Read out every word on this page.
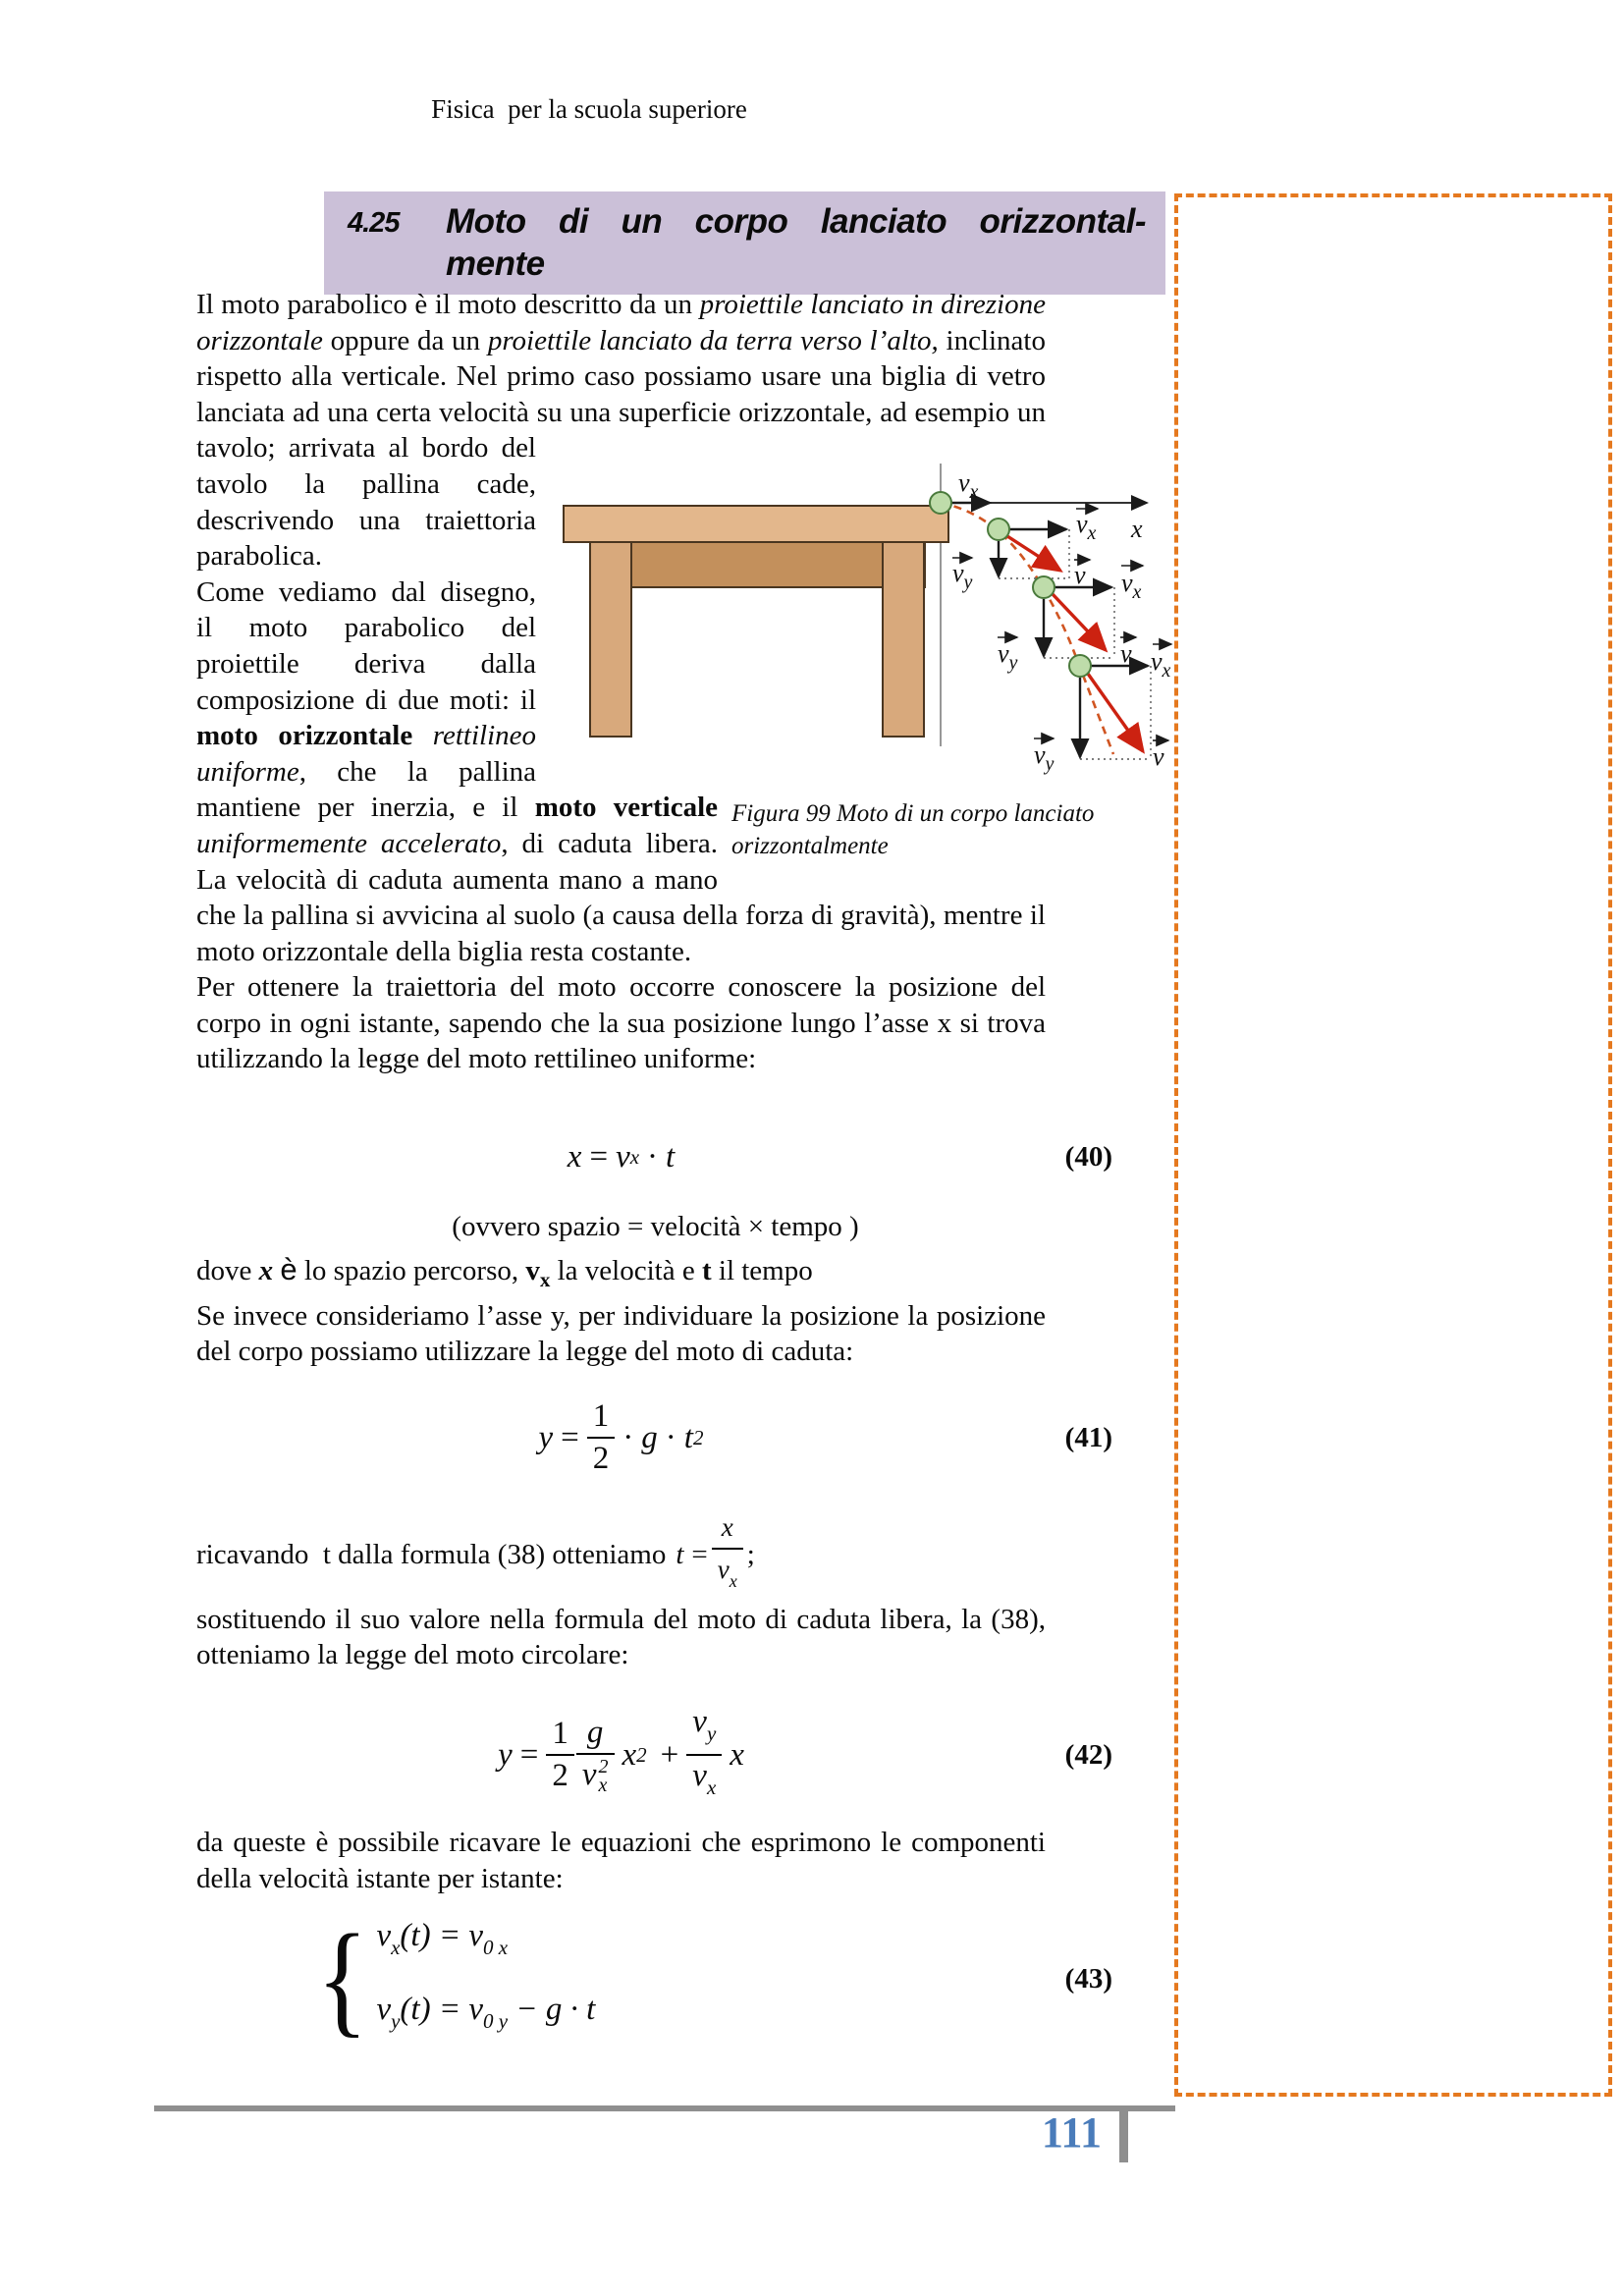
Fisica  per la scuola superiore
4.25	Moto di un corpo lanciato orizzontal-
mente

Il moto parabolico è il moto descritto da un proiettile lanciato in direzione orizzontale oppure da un proiettile lanciato da terra verso l’alto, inclinato rispetto alla verticale. Nel primo caso possiamo usare una biglia di vetro lanciata ad una certa velocità su una superficie
x
$v_x$
$v_x$
$v_y$	v $v_x$
$v_y$	v $v_x$
$v_y$	v
Figura 99 Moto di un corpo lanciato orizzontalmente
orizzontale, ad esempio un tavolo; arrivata al bordo del tavolo la pallina cade, descrivendo una traiettoria parabolica.

Come vediamo dal disegno, il moto parabolico del proiettile deriva dalla composizione di due moti: il moto orizzontale rettilineo uniforme, che la pallina mantiene per inerzia, e il moto verticale uniformemente accelerato, di caduta libera. La velocità di caduta aumenta mano a mano che la pallina si avvicina al suolo (a causa della forza di gravità), mentre il moto orizzontale della biglia resta costante.

Per ottenere la traiettoria del moto occorre conoscere la posizione del corpo in ogni istante, sapendo che la sua posizione lungo l’asse x si trova utilizzando la legge del moto rettilineo uniforme:

x = v x · t	(40)
(ovvero spazio = velocità × tempo )

dove x è lo spazio percorso, $v_x$ la velocità e t il tempo

Se invece consideriamo l’asse y, per individuare la posizione la posizione del corpo possiamo utilizzare la legge del moto di caduta:

$y = \frac{1}{2} \cdot g \cdot t$ 2	(41)
ricavando  t dalla formula (38) otteniamo $t = \frac{x}{v_x}$ ;

sostituendo il suo valore nella formula del moto di caduta libera, la (38), otteniamo la legge del moto circolare:

$y = \frac{1}{2}$ g
v 2
x x $2 + \frac{v_y}{v_x}$ x	(42)

da queste è possibile ricavare le equazioni che esprimono le componenti della velocità istante per istante:

{ $v_x(t) = v_{0 x}$
$v_y(t) = v_{0 y} - g \cdot t$
(43)
111
